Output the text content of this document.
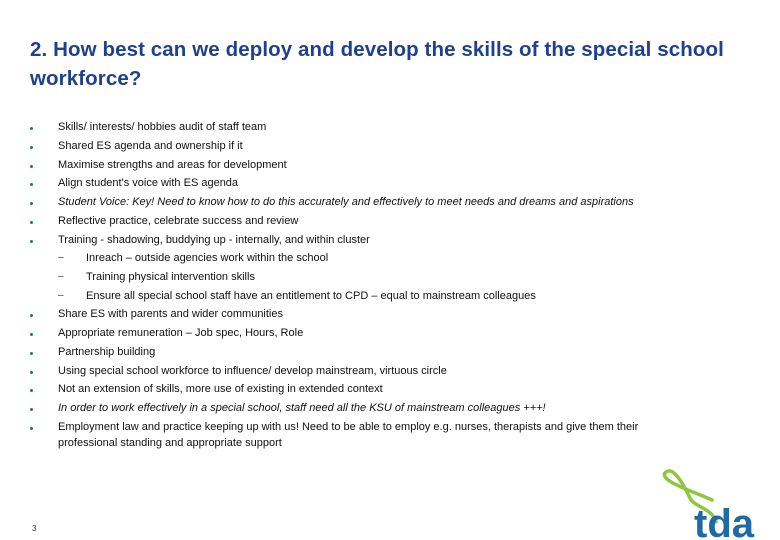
2. How best can we deploy and develop the skills of the special school workforce?
Skills/ interests/ hobbies audit of staff team
Shared ES agenda and ownership if it
Maximise strengths and areas for development
Align student's voice with ES agenda
Student Voice: Key! Need to know how to do this accurately and effectively to meet needs and dreams and aspirations
Reflective practice, celebrate success and review
Training - shadowing, buddying up - internally, and within cluster
–	Inreach – outside agencies work within the school
–	Training physical intervention skills
–	Ensure all special school staff have an entitlement to CPD – equal to mainstream colleagues
Share ES with parents and wider communities
Appropriate remuneration – Job spec, Hours, Role
Partnership building
Using special school workforce to influence/ develop mainstream, virtuous circle
Not an extension of skills, more use of existing in extended context
In order to work effectively in a special school, staff need all the KSU of mainstream colleagues +++!
Employment law and practice keeping up with us! Need to be able to employ e.g. nurses, therapists and give them their professional standing and appropriate support
3	tda
